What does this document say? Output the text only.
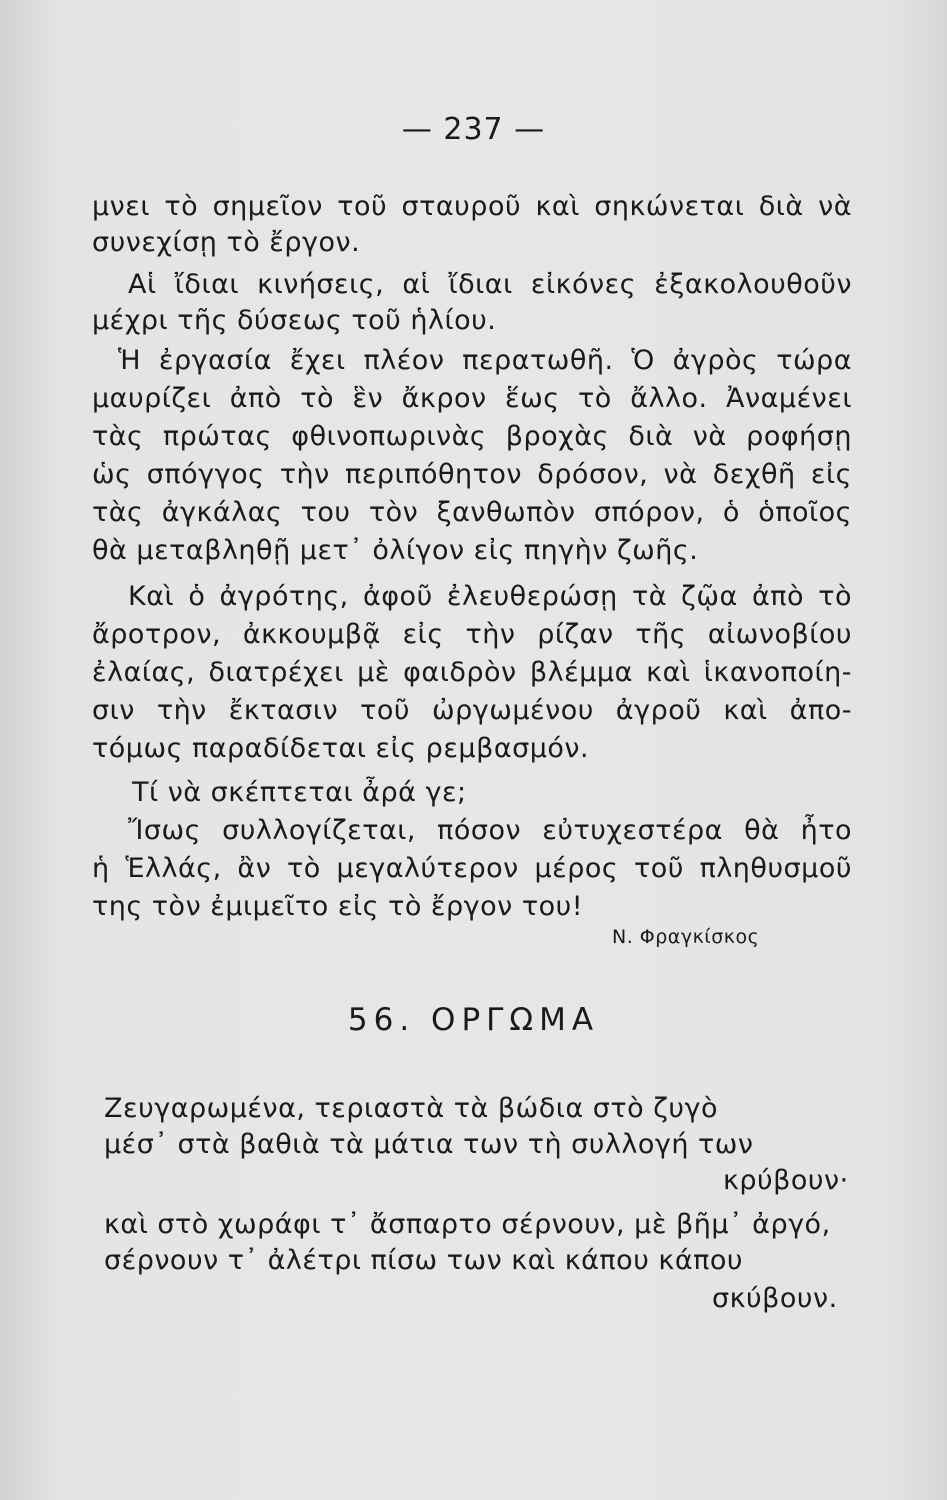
— 237 —
μνει τὸ σημεῖον τοῦ σταυροῦ καὶ σηκώνεται διὰ νὰ
συνεχίσῃ τὸ ἔργον.
Αἱ ἴδιαι κινήσεις, αἱ ἴδιαι εἰκόνες ἐξακολουθοῦν
μέχρι τῆς δύσεως τοῦ ἡλίου.
Ἡ ἐργασία ἔχει πλέον περατωθῆ. Ὁ ἀγρὸς τώρα
μαυρίζει ἀπὸ τὸ ἓν ἄκρον ἕως τὸ ἄλλο. Ἀναμένει
τὰς πρώτας φθινοπωρινὰς βροχὰς διὰ νὰ ροφήσῃ
ὡς σπόγγος τὴν περιπόθητον δρόσον, νὰ δεχθῆ εἰς
τὰς ἀγκάλας του τὸν ξανθωπὸν σπόρον, ὁ ὁποῖος
θὰ μεταβληθῇ μετ᾿ ὀλίγον εἰς πηγὴν ζωῆς.
Καὶ ὁ ἀγρότης, ἀφοῦ ἐλευθερώσῃ τὰ ζῷα ἀπὸ τὸ
ἄροτρον, ἀκκουμβᾷ εἰς τὴν ρίζαν τῆς αἰωνοβίου
ἐλαίας, διατρέχει μὲ φαιδρὸν βλέμμα καὶ ἱκανοποίη-
σιν τὴν ἔκτασιν τοῦ ὠργωμένου ἀγροῦ καὶ ἀπο-
τόμως παραδίδεται εἰς ρεμβασμόν.
Τί νὰ σκέπτεται ἆρά γε;
Ἴσως συλλογίζεται, πόσον εὐτυχεστέρα θὰ ἦτο
ἡ Ἑλλάς, ἂν τὸ μεγαλύτερον μέρος τοῦ πληθυσμοῦ
της τὸν ἐμιμεῖτο εἰς τὸ ἔργον του!
Ν. Φραγκίσκος
56. ΟΡΓΩΜΑ
Ζευγαρωμένα, τεριαστὰ τὰ βώδια στὸ ζυγὸ
μέσ᾿ στὰ βαθιὰ τὰ μάτια των τὴ συλλογή των
κρύβουν·
καὶ στὸ χωράφι τ᾿ ἄσπαρτο σέρνουν, μὲ βῆμ᾿ ἀργό,
σέρνουν τ᾿ ἀλέτρι πίσω των καὶ κάπου κάπου
σκύβουν.
